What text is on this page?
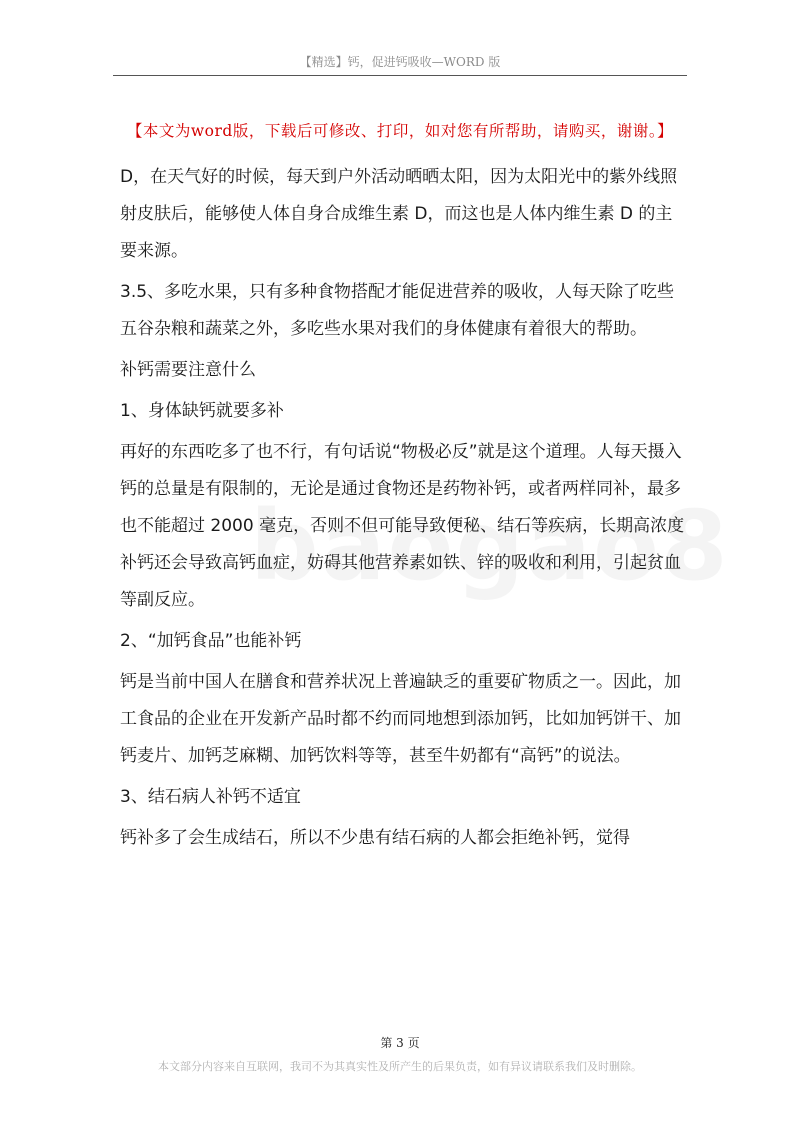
【精选】钙，促进钙吸收—WORD 版
【本文为word版，下载后可修改、打印，如对您有所帮助，请购买，谢谢。】

D，在天气好的时候，每天到户外活动晒晒太阳，因为太阳光中的紫外线照射皮肤后，能够使人体自身合成维生素 D，而这也是人体内维生素 D 的主要来源。

3.5、多吃水果，只有多种食物搭配才能促进营养的吸收，人每天除了吃些五谷杂粮和蔬菜之外，多吃些水果对我们的身体健康有着很大的帮助。

补钙需要注意什么

1、身体缺钙就要多补

再好的东西吃多了也不行，有句话说“物极必反”就是这个道理。人每天摄入钙的总量是有限制的，无论是通过食物还是药物补钙，或者两样同补，最多也不能超过 2000 毫克，否则不但可能导致便秘、结石等疾病，长期高浓度补钙还会导致高钙血症，妨碍其他营养素如铁、锌的吸收和利用，引起贫血等副反应。

2、“加钙食品”也能补钙

钙是当前中国人在膳食和营养状况上普遍缺乏的重要矿物质之一。因此，加工食品的企业在开发新产品时都不约而同地想到添加钙，比如加钙饼干、加钙麦片、加钙芝麻糊、加钙饮料等等，甚至牛奶都有“高钙”的说法。

3、结石病人补钙不适宜

钙补多了会生成结石，所以不少患有结石病的人都会拒绝补钙，觉得

第 3 页
本文部分内容来自互联网，我司不为其真实性及所产生的后果负责，如有异议请联系我们及时删除。
